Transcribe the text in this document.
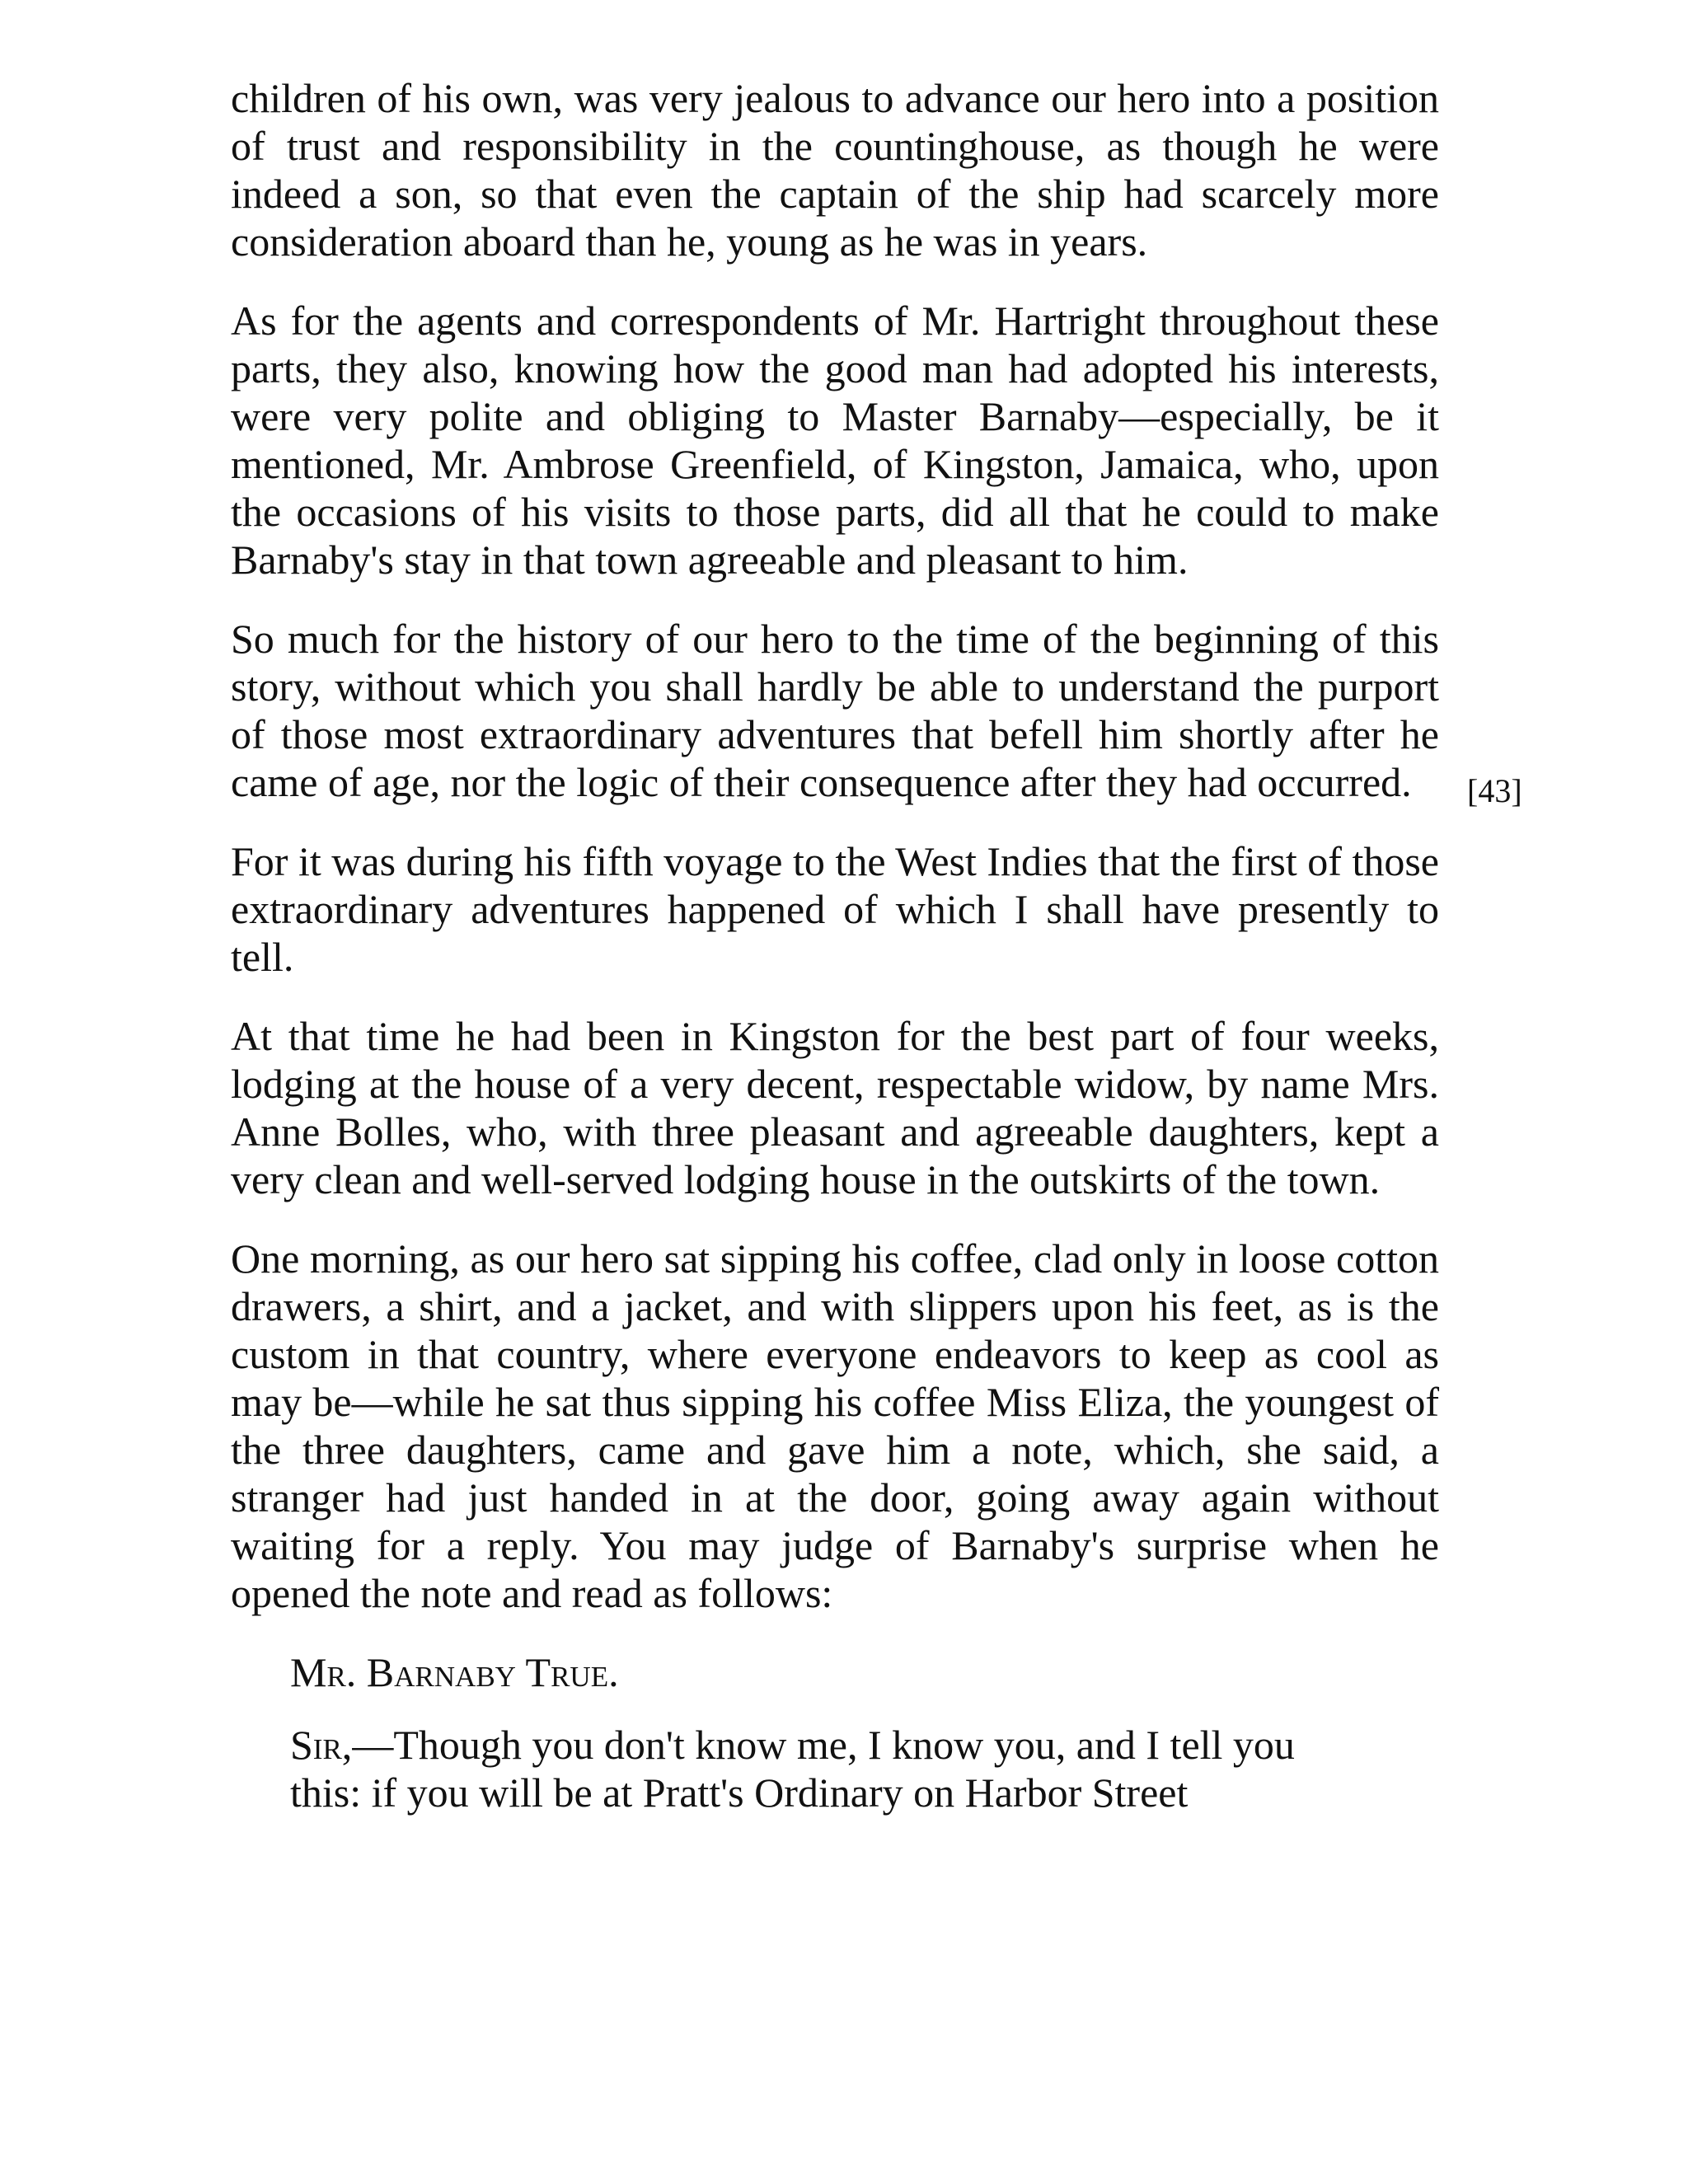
[43]

children of his own, was very jealous to advance our hero into a position of trust and responsibility in the countinghouse, as though he were indeed a son, so that even the captain of the ship had scarcely more consideration aboard than he, young as he was in years.

As for the agents and correspondents of Mr. Hartright throughout these parts, they also, knowing how the good man had adopted his interests, were very polite and obliging to Master Barnaby—especially, be it mentioned, Mr. Ambrose Greenfield, of Kingston, Jamaica, who, upon the occasions of his visits to those parts, did all that he could to make Barnaby's stay in that town agreeable and pleasant to him.

So much for the history of our hero to the time of the beginning of this story, without which you shall hardly be able to understand the purport of those most extraordinary adventures that befell him shortly after he came of age, nor the logic of their consequence after they had occurred.

For it was during his fifth voyage to the West Indies that the first of those extraordinary adventures happened of which I shall have presently to tell.

At that time he had been in Kingston for the best part of four weeks, lodging at the house of a very decent, respectable widow, by name Mrs. Anne Bolles, who, with three pleasant and agreeable daughters, kept a very clean and well-served lodging house in the outskirts of the town.

One morning, as our hero sat sipping his coffee, clad only in loose cotton drawers, a shirt, and a jacket, and with slippers upon his feet, as is the custom in that country, where everyone endeavors to keep as cool as may be—while he sat thus sipping his coffee Miss Eliza, the youngest of the three daughters, came and gave him a note, which, she said, a stranger had just handed in at the door, going away again without waiting for a reply. You may judge of Barnaby's surprise when he opened the note and read as follows:

Mr. Barnaby True.

Sir,—Though you don't know me, I know you, and I tell you this: if you will be at Pratt's Ordinary on Harbor Street
